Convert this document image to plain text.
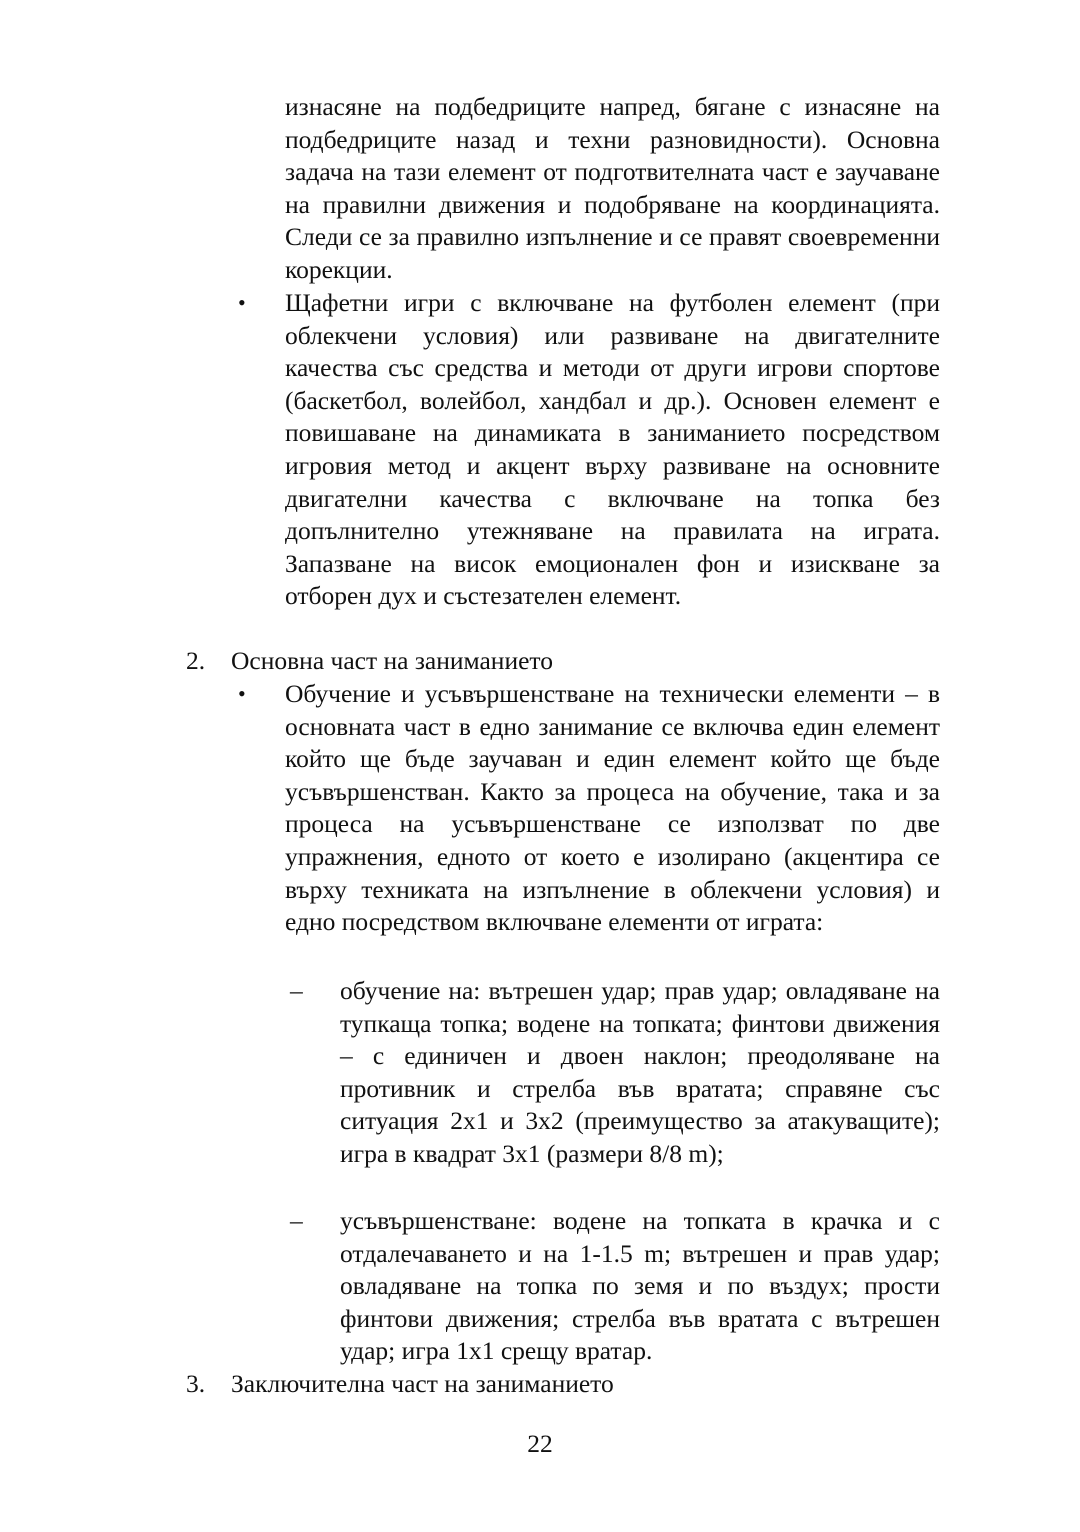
изнасяне на подбедриците напред, бягане с изнасяне на подбедриците назад и техни разновидности). Основна задача на тази елемент от подготвителната част е заучаване на правилни движения и подобряване на координацията. Следи се за правилно изпълнение и се правят своевременни корекции.

• Щафетни игри с включване на футболен елемент (при облекчени условия) или развиване на двигателните качества със средства и методи от други игрови спортове (баскетбол, волейбол, хандбал и др.). Основен елемент е повишаване на динамиката в заниманието посредством игровия метод и акцент върху развиване на основните двигателни качества с включване на топка без допълнително утежняване на правилата на играта. Запазване на висок емоционален фон и изискване за отборен дух и състезателен елемент.

2. Основна част на заниманието
• Обучение и усъвършенстване на технически елементи – в основната част в едно занимание се включва един елемент който ще бъде заучаван и един елемент който ще бъде усъвършенстван. Както за процеса на обучение, така и за процеса на усъвършенстване се използват по две упражнения, едното от което е изолирано (акцентира се върху техниката на изпълнение в облекчени условия) и едно посредством включване елементи от играта:

– обучение на: вътрешен удар; прав удар; овладяване на тупкаща топка; водене на топката; финтови движения – с единичен и двоен наклон; преодоляване на противник и стрелба във вратата; справяне със ситуация 2x1 и 3x2 (преимущество за атакуващите); игра в квадрат 3x1 (размери 8/8 m);

– усъвършенстване: водене на топката в крачка и с отдалечаването и на 1-1.5 m; вътрешен и прав удар; овладяване на топка по земя и по въздух; прости финтови движения; стрелба във вратата с вътрешен удар; игра 1x1 срещу вратар.

3. Заключителна част на заниманието
22
